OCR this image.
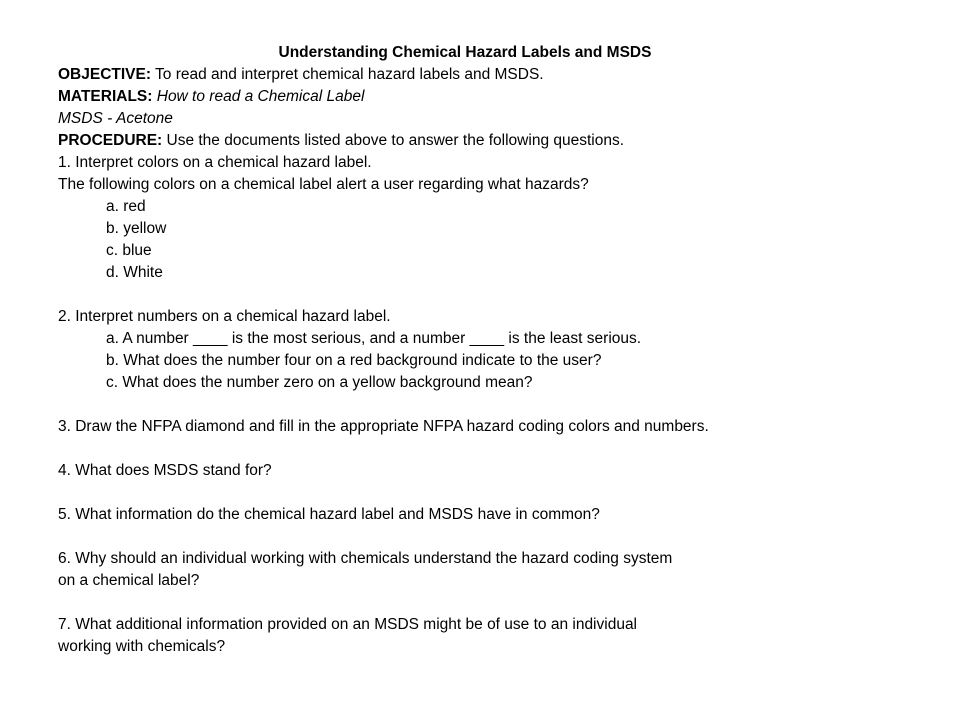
Understanding Chemical Hazard Labels and MSDS
OBJECTIVE: To read and interpret chemical hazard labels and MSDS.
MATERIALS: How to read a Chemical Label
MSDS - Acetone
PROCEDURE: Use the documents listed above to answer the following questions.
1. Interpret colors on a chemical hazard label.
The following colors on a chemical label alert a user regarding what hazards?
a. red
b. yellow
c. blue
d. White
2. Interpret numbers on a chemical hazard label.
a. A number ____ is the most serious, and a number ____ is the least serious.
b. What does the number four on a red background indicate to the user?
c. What does the number zero on a yellow background mean?
3. Draw the NFPA diamond and fill in the appropriate NFPA hazard coding colors and numbers.
4. What does MSDS stand for?
5. What information do the chemical hazard label and MSDS have in common?
6. Why should an individual working with chemicals understand the hazard coding system
on a chemical label?
7. What additional information provided on an MSDS might be of use to an individual
working with chemicals?
